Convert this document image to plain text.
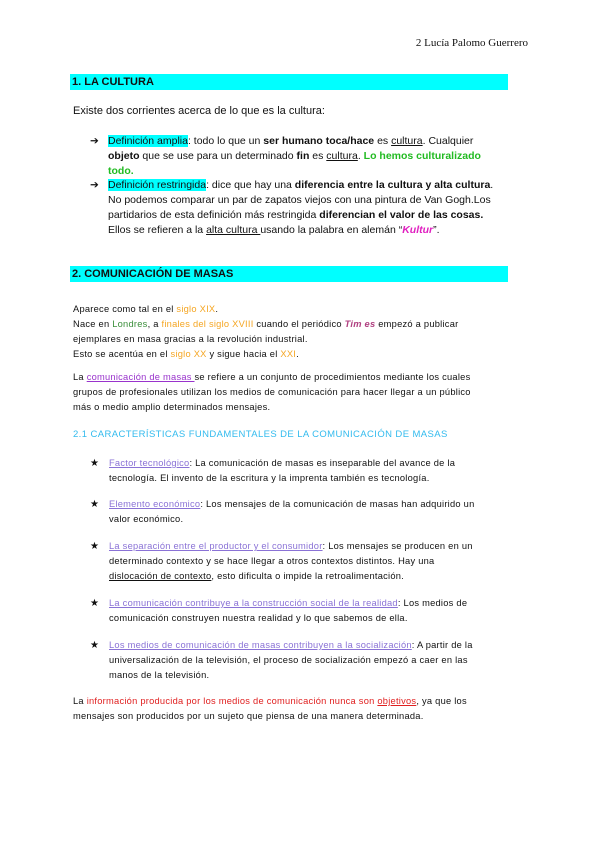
2 Lucía Palomo Guerrero
1. LA CULTURA
Existe dos corrientes acerca de lo que es la cultura:
➔ Definición amplia: todo lo que un ser humano toca/hace es cultura. Cualquier
objeto que se use para un determinado fin es cultura. Lo hemos culturalizado
todo.
➔ Definición restringida: dice que hay una diferencia entre la cultura y alta cultura.
No podemos comparar un par de zapatos viejos con una pintura de Van Gogh.Los
partidarios de esta definición más restringida diferencian el valor de las cosas.
Ellos se refieren a la alta cultura usando la palabra en alemán “Kultur”.
2. COMUNICACIÓN DE MASAS
Aparece como tal en el siglo XIX.
Nace en Londres, a finales del siglo XVIII cuando el periódico Tim es empezó a publicar
ejemplares en masa gracias a la revolución industrial.
Esto se acentúa en el siglo XX y sigue hacia el XXI.
La comunicación de masas se refiere a un conjunto de procedimientos mediante los cuales
grupos de profesionales utilizan los medios de comunicación para hacer llegar a un público
más o medio amplio determinados mensajes.
2.1 CARACTERÍSTICAS FUNDAMENTALES DE LA COMUNICACIÓN DE MASAS
★ Factor tecnológico: La comunicación de masas es inseparable del avance de la
tecnología. El invento de la escritura y la imprenta también es tecnología.
★ Elemento económico: Los mensajes de la comunicación de masas han adquirido un
valor económico.
★ La separación entre el productor y el consumidor: Los mensajes se producen en un
determinado contexto y se hace llegar a otros contextos distintos. Hay una
dislocación de contexto, esto dificulta o impide la retroalimentación.
★ La comunicación contribuye a la construcción social de la realidad: Los medios de
comunicación construyen nuestra realidad y lo que sabemos de ella.
★ Los medios de comunicación de masas contribuyen a la socialización: A partir de la
universalización de la televisión, el proceso de socialización empezó a caer en las
manos de la televisión.
La información producida por los medios de comunicación nunca son objetivos, ya que los
mensajes son producidos por un sujeto que piensa de una manera determinada.
